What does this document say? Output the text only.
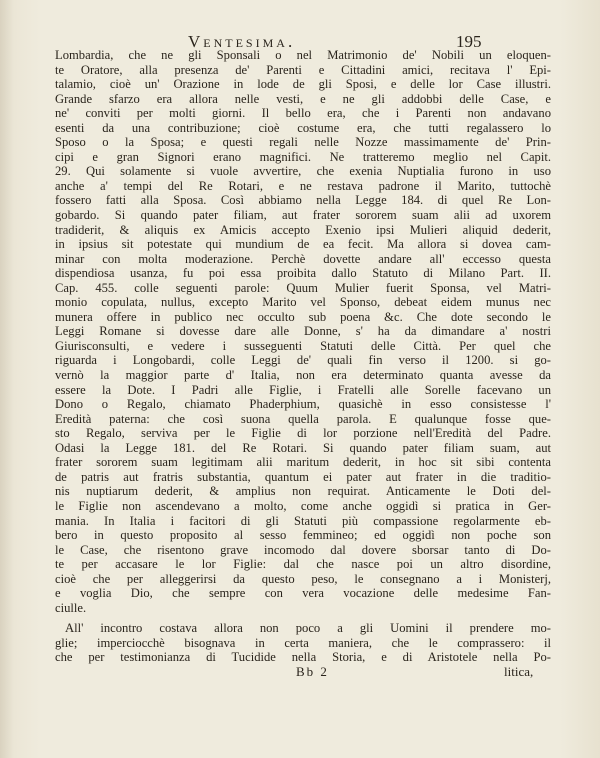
Ventesima.	195
Lombardia, che ne gli Sponsali o nel Matrimonio de' Nobili un eloquen-
te Oratore, alla presenza de' Parenti e Cittadini amici, recitava l' Epi-
talamio, cioè un' Orazione in lode de gli Sposi, e delle lor Case illustri.
Grande sfarzo era allora nelle vesti, e ne gli addobbi delle Case, e
ne' conviti per molti giorni. Il bello era, che i Parenti non andavano
esenti da una contribuzione; cioè costume era, che tutti regalassero lo
Sposo o la Sposa; e questi regali nelle Nozze massimamente de' Prin-
cipi e gran Signori erano magnifici. Ne tratteremo meglio nel Capit.
29. Qui solamente si vuole avvertire, che exenia Nuptialia furono in uso
anche a' tempi del Re Rotari, e ne restava padrone il Marito, tuttochè
fossero fatti alla Sposa. Così abbiamo nella Legge 184. di quel Re Lon-
gobardo. Si quando pater filiam, aut frater sororem suam alii ad uxorem
tradiderit, & aliquis ex Amicis accepto Exenio ipsi Mulieri aliquid dederit,
in ipsius sit potestate qui mundium de ea fecit. Ma allora si dovea cam-
minar con molta moderazione. Perchè dovette andare all' eccesso questa
dispendiosa usanza, fu poi essa proibita dallo Statuto di Milano Part. II.
Cap. 455. colle seguenti parole: Quum Mulier fuerit Sponsa, vel Matri-
monio copulata, nullus, excepto Marito vel Sponso, debeat eidem munus nec
munera offere in publico nec occulto sub poena &c. Che dote secondo le
Leggi Romane si dovesse dare alle Donne, s' ha da dimandare a' nostri
Giurisconsulti, e vedere i susseguenti Statuti delle Città. Per quel che
riguarda i Longobardi, colle Leggi de' quali fin verso il 1200. si go-
vernò la maggior parte d' Italia, non era determinato quanta avesse da
essere la Dote. I Padri alle Figlie, i Fratelli alle Sorelle facevano un
Dono o Regalo, chiamato Phaderphium, quasichè in esso consistesse l'
Eredità paterna: che così suona quella parola. E qualunque fosse que-
sto Regalo, serviva per le Figlie di lor porzione nell'Eredità del Padre.
Odasi la Legge 181. del Re Rotari. Si quando pater filiam suam, aut
frater sororem suam legitimam alii maritum dederit, in hoc sit sibi contenta
de patris aut fratris substantia, quantum ei pater aut frater in die traditio-
nis nuptiarum dederit, & amplius non requirat. Anticamente le Doti del-
le Figlie non ascendevano a molto, come anche oggidì si pratica in Ger-
mania. In Italia i facitori di gli Statuti più compassione regolarmente eb-
bero in questo proposito al sesso femmineo; ed oggidì non poche son
le Case, che risentono grave incomodo dal dovere sborsar tanto di Do-
te per accasare le lor Figlie: dal che nasce poi un altro disordine,
cioè che per alleggerirsi da questo peso, le consegnano a i Monisterj,
e voglia Dio, che sempre con vera vocazione delle medesime Fan-
ciulle.
All' incontro costava allora non poco a gli Uomini il prendere mo-
glie; imperciocchè bisognava in certa maniera, che le comprassero: il
che per testimonianza di Tucidide nella Storia, e di Aristotele nella Po-
Bb 2	litica,
